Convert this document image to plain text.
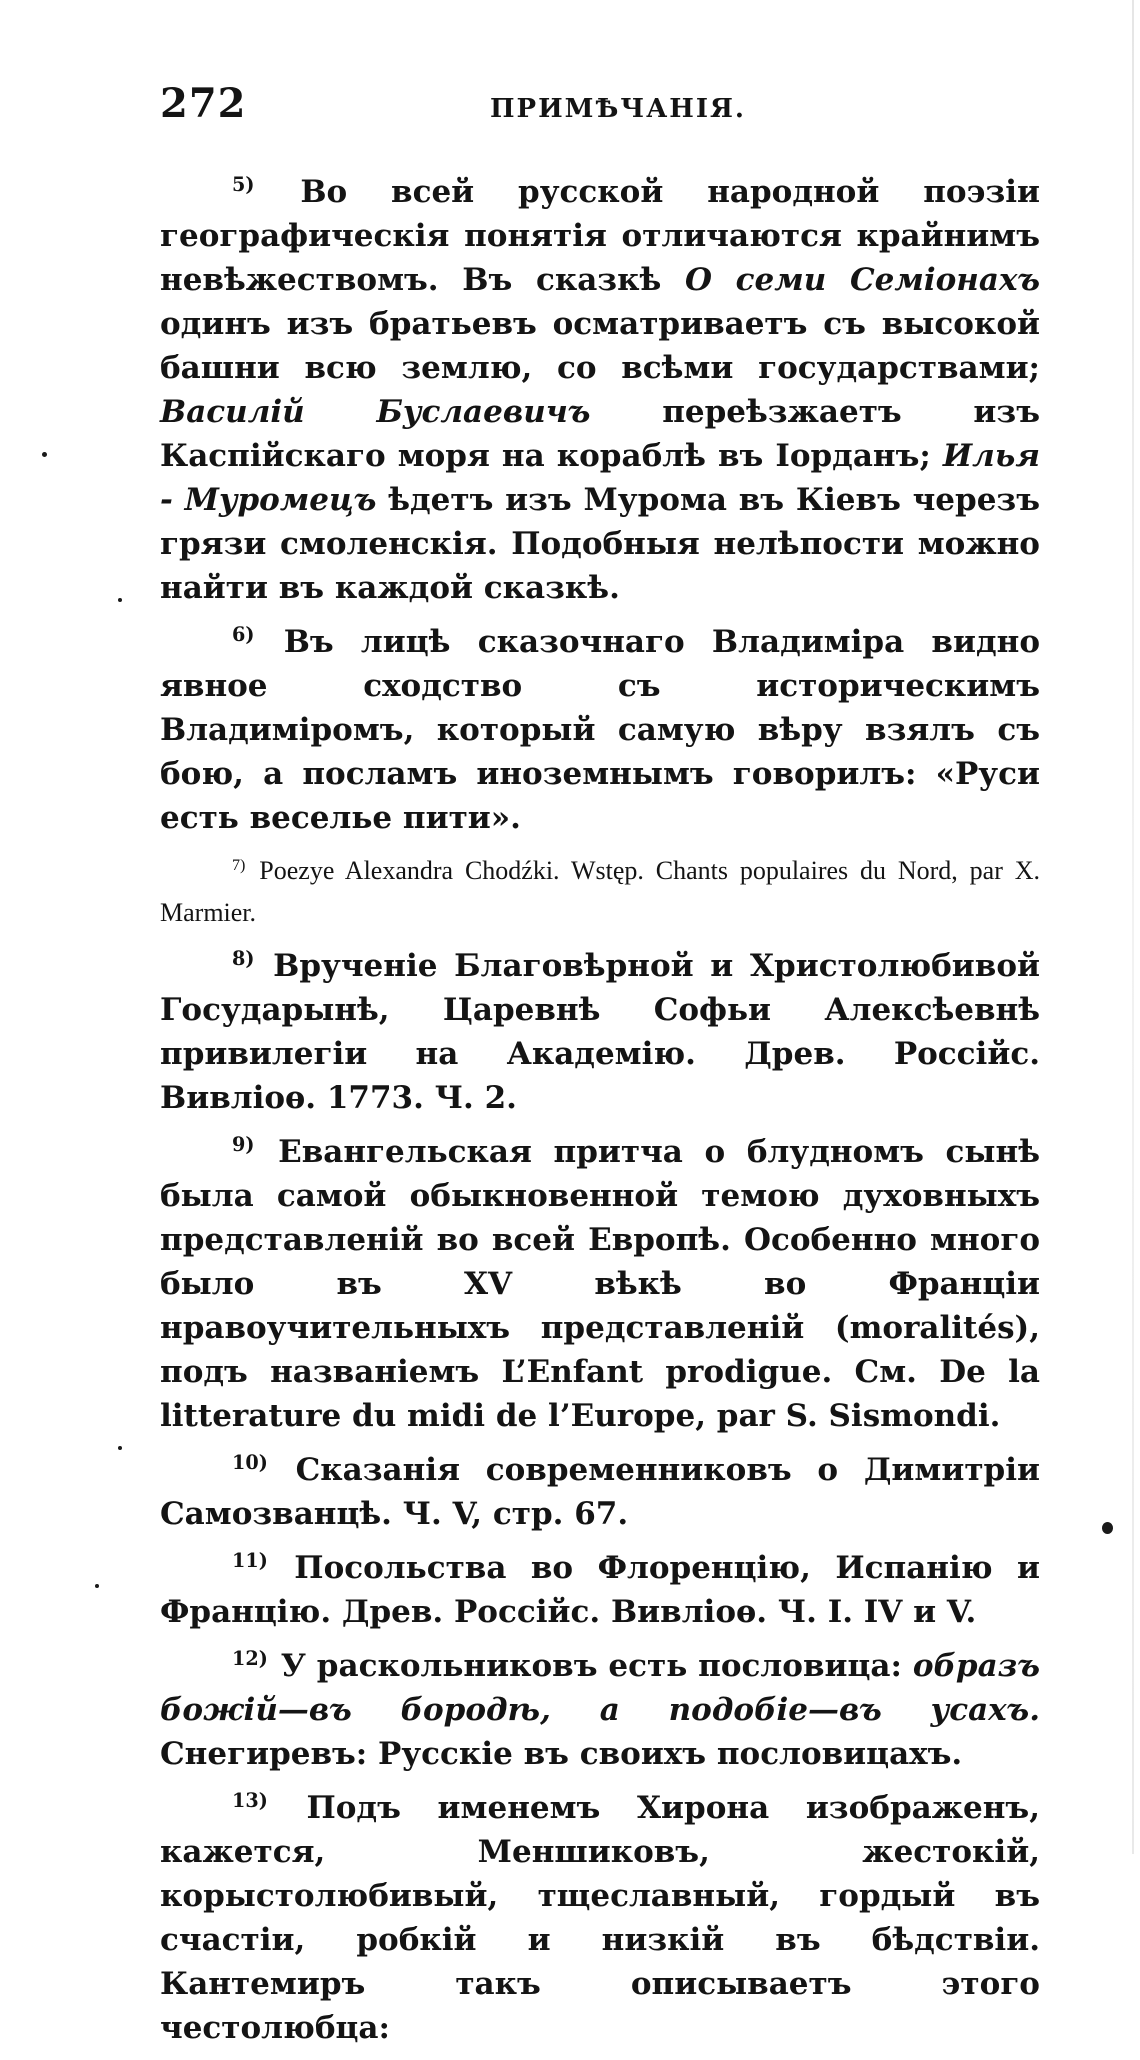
272	ПРИМѢЧАНІЯ.

$^{5)}$ Во всей русской народной поэзіи географическія понятія отличаются крайнимъ невѣжествомъ. Въ сказкѣ О семи Семіонахъ одинъ изъ братьевъ осматриваетъ съ высокой башни всю землю, со всѣми государствами; Василій Буслаевичъ переѣзжаетъ изъ Каспійскаго моря на кораблѣ въ Іорданъ; Илья - Муромецъ ѣдетъ изъ Мурома въ Кіевъ черезъ грязи смоленскія. Подобныя нелѣпости можно найти въ каждой сказкѣ.

$^{6)}$ Въ лицѣ сказочнаго Владиміра видно явное сходство съ историческимъ Владиміромъ, который самую вѣру взялъ съ бою, а посламъ иноземнымъ говорилъ: «Руси есть веселье пити».

$^{7)}$ Poezye Alexandra Chodźki. Wstęp. Chants populaires du Nord, par X. Marmier.

$^{8)}$ Врученіе Благовѣрной и Христолюбивой Государынѣ, Царевнѣ Софьи Алексѣевнѣ привилегіи на Академію. Древ. Россійс. Вивліоѳ. 1773. Ч. 2.

$^{9)}$ Евангельская притча о блудномъ сынѣ была самой обыкновенной темою духовныхъ представленій во всей Европѣ. Особенно много было въ XV вѣкѣ во Франціи нравоучительныхъ представленій (moralités), подъ названіемъ L’Enfant prodigue. См. De la litterature du midi de l’Europe, par S. Sismondi.

$^{10)}$ Сказанія современниковъ о Димитріи Самозванцѣ. Ч. V, стр. 67.

$^{11)}$ Посольства во Флоренцію, Испанію и Францію. Древ. Россійс. Вивліоѳ. Ч. I. IV и V.

$^{12)}$ У раскольниковъ есть пословица: образъ божій—въ бородѣ, а подобіе—въ усахъ. Снегиревъ: Русскіе въ своихъ пословицахъ.

$^{13)}$ Подъ именемъ Хирона изображенъ, кажется, Меншиковъ, жестокій, корыстолюбивый, тщеславный, гордый въ счастіи, робкій и низкій въ бѣдствіи. Кантемиръ такъ описываетъ этого честолюбца:
